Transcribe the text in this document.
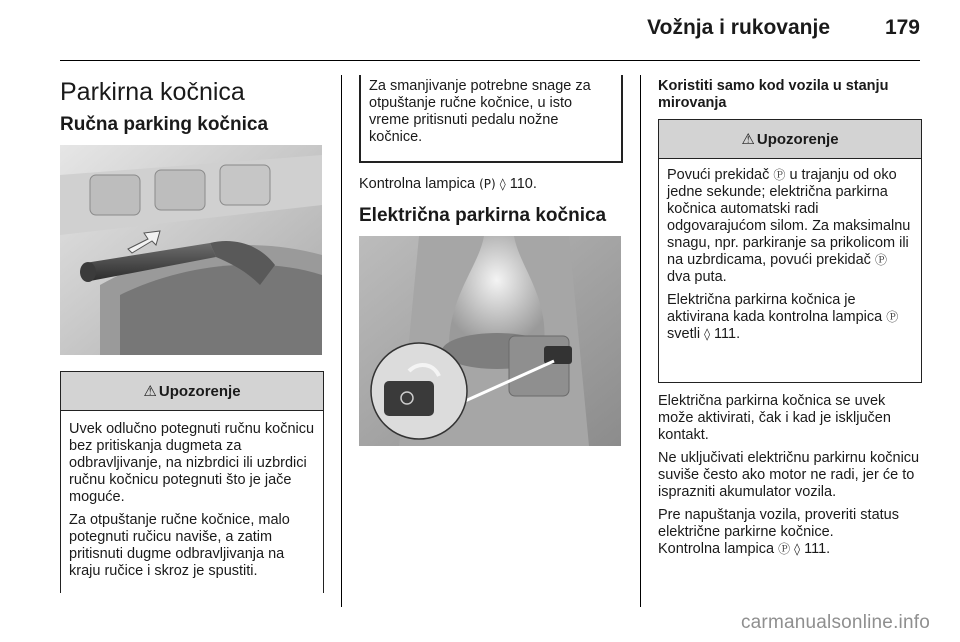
Vožnja i rukovanje	179
Parkirna kočnica
Ručna parking kočnica
⚠ Upozorenje
Uvek odlučno potegnuti ručnu kočnicu bez pritiskanja dugmeta za odbravljivanje, na nizbrdici ili uzbrdici ručnu kočnicu potegnuti što je jače moguće.
Za otpuštanje ručne kočnice, malo potegnuti ručicu naviše, a zatim pritisnuti dugme odbravljivanja na kraju ručice i skroz je spustiti.
Za smanjivanje potrebne snage za otpuštanje ručne kočnice, u isto vreme pritisnuti pedalu nožne kočnice.
Kontrolna lampica (P) ◊ 110.
Električna parkirna kočnica
Koristiti samo kod vozila u stanju mirovanja
⚠ Upozorenje
Povući prekidač Ⓟ u trajanju od oko jedne sekunde; električna parkirna kočnica automatski radi odgovarajućom silom. Za maksimalnu snagu, npr. parkiranje sa prikolicom ili na uzbrdicama, povući prekidač Ⓟ dva puta.
Električna parkirna kočnica je aktivirana kada kontrolna lampica Ⓟ svetli ◊ 111.
Električna parkirna kočnica se uvek može aktivirati, čak i kad je isključen kontakt.
Ne uključivati električnu parkirnu kočnicu suviše često ako motor ne radi, jer će to isprazniti akumulator vozila.
Pre napuštanja vozila, proveriti status električne parkirne kočnice.
Kontrolna lampica Ⓟ ◊ 111.
carmanualsonline.info
